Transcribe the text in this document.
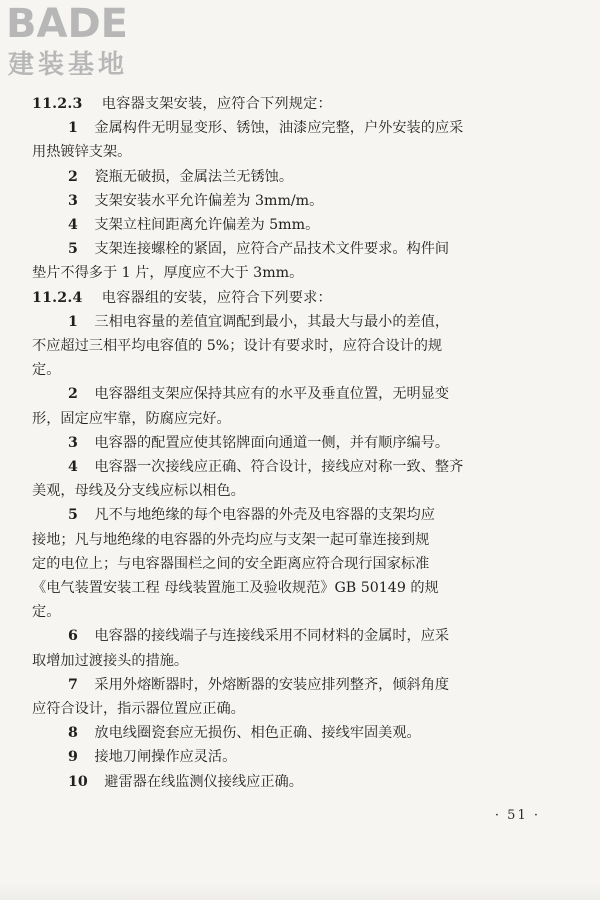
BADE
建装基地
11.2.3 电容器支架安装，应符合下列规定：
1 金属构件无明显变形、锈蚀，油漆应完整，户外安装的应采
用热镀锌支架。
2 瓷瓶无破损，金属法兰无锈蚀。
3 支架安装水平允许偏差为 3mm/m。
4 支架立柱间距离允许偏差为 5mm。
5 支架连接螺栓的紧固，应符合产品技术文件要求。构件间
垫片不得多于 1 片，厚度应不大于 3mm。
11.2.4 电容器组的安装，应符合下列要求：
1 三相电容量的差值宜调配到最小，其最大与最小的差值，
不应超过三相平均电容值的 5%；设计有要求时，应符合设计的规
定。
2 电容器组支架应保持其应有的水平及垂直位置，无明显变
形，固定应牢靠，防腐应完好。
3 电容器的配置应使其铭牌面向通道一侧，并有顺序编号。
4 电容器一次接线应正确、符合设计，接线应对称一致、整齐
美观，母线及分支线应标以相色。
5 凡不与地绝缘的每个电容器的外壳及电容器的支架均应
接地；凡与地绝缘的电容器的外壳均应与支架一起可靠连接到规
定的电位上；与电容器围栏之间的安全距离应符合现行国家标准
《电气装置安装工程 母线装置施工及验收规范》GB 50149 的规
定。
6 电容器的接线端子与连接线采用不同材料的金属时，应采
取增加过渡接头的措施。
7 采用外熔断器时，外熔断器的安装应排列整齐，倾斜角度
应符合设计，指示器位置应正确。
8 放电线圈瓷套应无损伤、相色正确、接线牢固美观。
9 接地刀闸操作应灵活。
10 避雷器在线监测仪接线应正确。
· 51 ·
